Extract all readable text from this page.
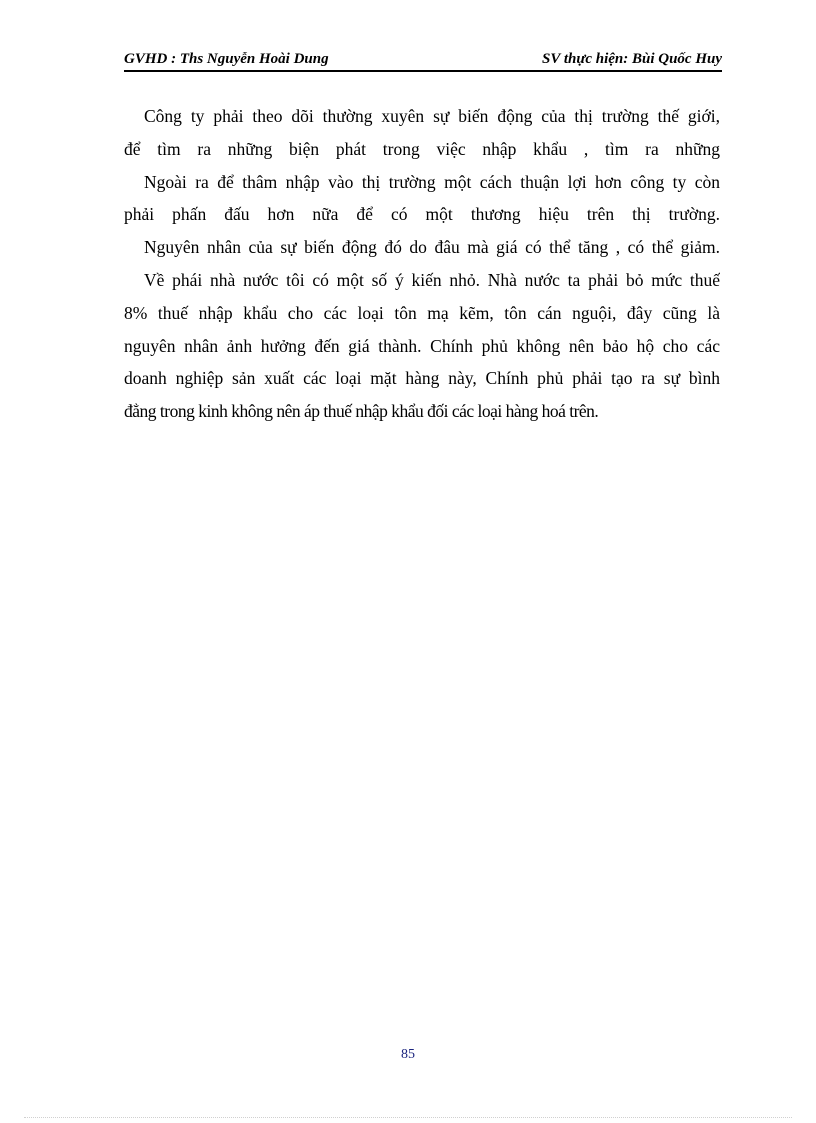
GVHD : Ths Nguyễn Hoài Dung	SV thực hiện: Bùi Quốc Huy
Công ty phải theo dõi thường xuyên sự biến động của thị trường thế giới,
để tìm ra những biện phát trong việc nhập khẩu , tìm ra những
Ngoài ra để thâm nhập vào thị trường một cách thuận lợi hơn công ty còn
phải phấn đấu hơn nữa để có một thương hiệu trên thị trường.
Nguyên nhân của sự biến động đó do đâu mà giá có thể tăng , có thể giảm.
Về phái nhà nước tôi có một số ý kiến nhỏ. Nhà nước ta phải bỏ mức thuế
8% thuế nhập khẩu cho các loại tôn mạ kẽm, tôn cán nguội, đây cũng là
nguyên nhân ảnh hưởng đến giá thành. Chính phủ không nên bảo hộ cho các
doanh nghiệp sản xuất các loại mặt hàng này, Chính phủ phải tạo ra sự bình
đẳng trong kinh không nên áp thuế nhập khẩu đối các loại hàng hoá trên.
85
